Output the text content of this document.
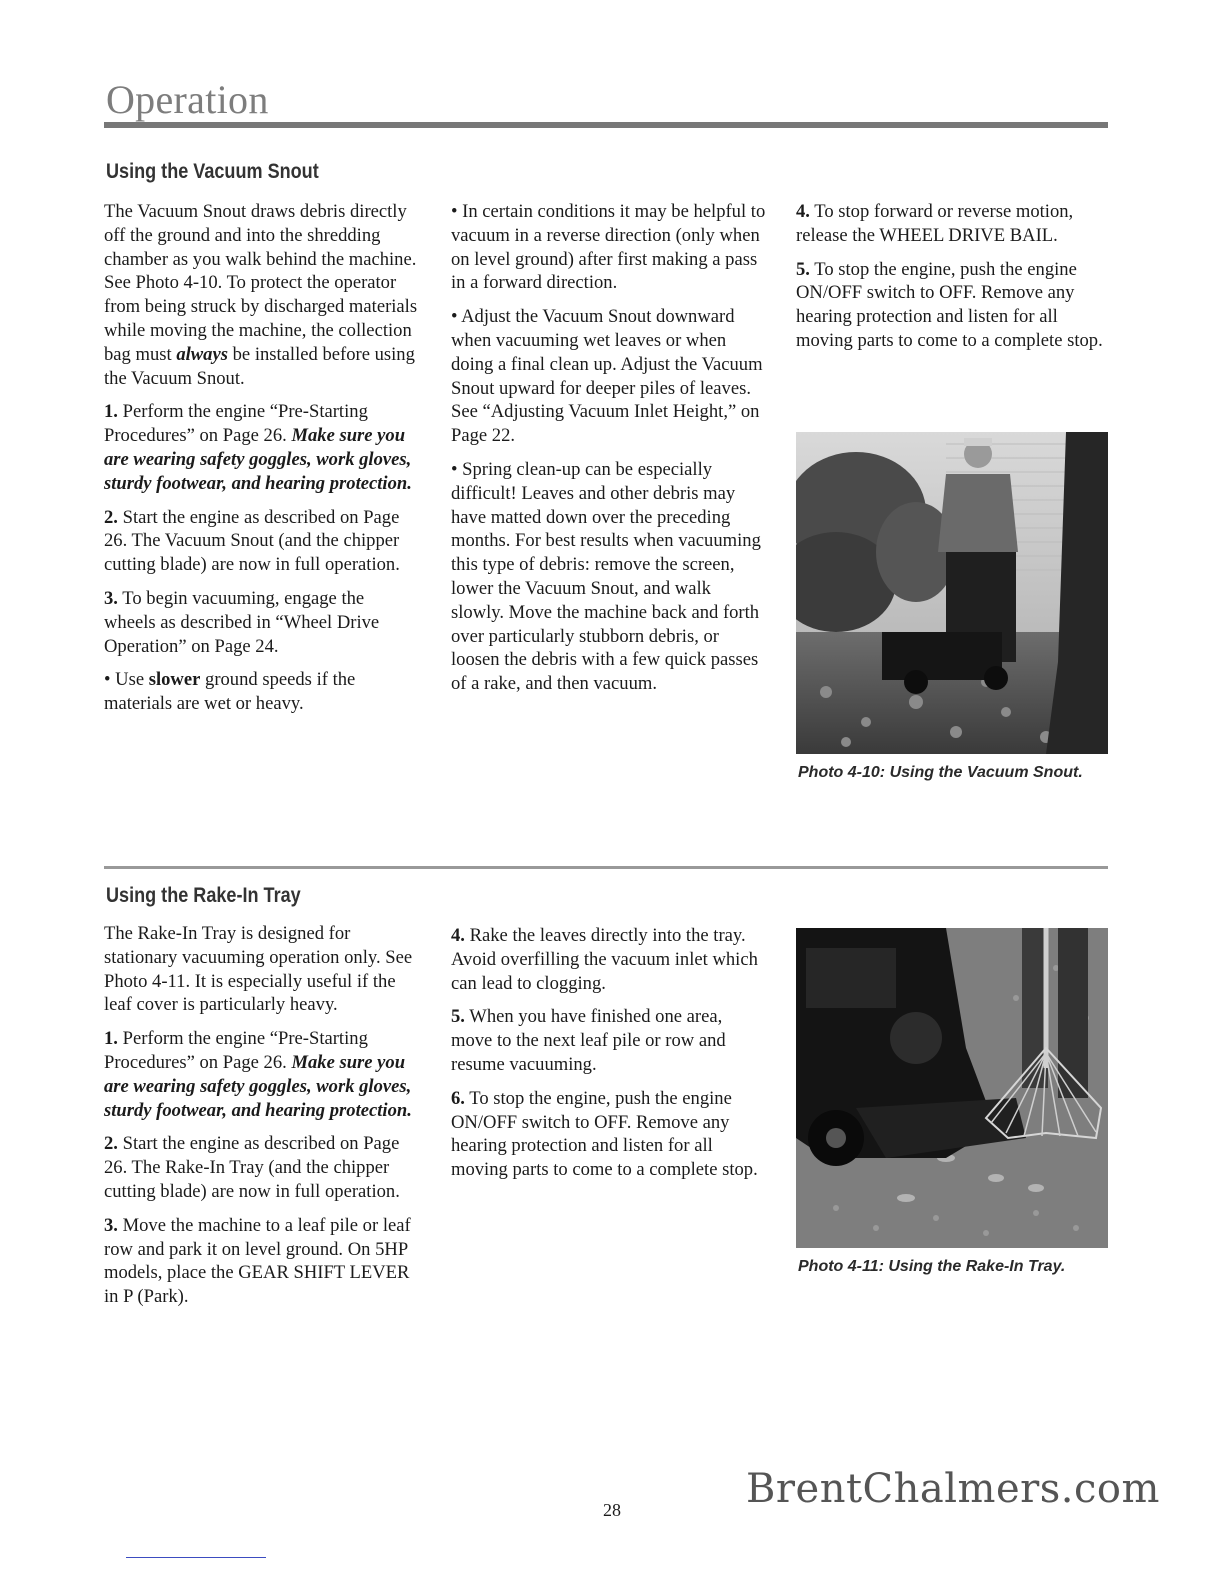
Operation
Using the Vacuum Snout

The Vacuum Snout draws debris directly off the ground and into the shredding chamber as you walk behind the machine. See Photo 4-10. To protect the operator from being struck by discharged materials while moving the machine, the collection bag must always be installed before using the Vacuum Snout.

1. Perform the engine “Pre-Starting Procedures” on Page 26. Make sure you are wearing safety goggles, work gloves, sturdy footwear, and hearing protection.

2. Start the engine as described on Page 26. The Vacuum Snout (and the chipper cutting blade) are now in full operation.

3. To begin vacuuming, engage the wheels as described in “Wheel Drive Operation” on Page 24.

• Use slower ground speeds if the materials are wet or heavy.

• In certain conditions it may be helpful to vacuum in a reverse direction (only when on level ground) after first making a pass in a forward direction.

• Adjust the Vacuum Snout downward when vacuuming wet leaves or when doing a final clean up. Adjust the Vacuum Snout upward for deeper piles of leaves. See “Adjusting Vacuum Inlet Height,” on Page 22.

• Spring clean-up can be especially difficult! Leaves and other debris may have matted down over the preceding months. For best results when vacuuming this type of debris: remove the screen, lower the Vacuum Snout, and walk slowly. Move the machine back and forth over particularly stubborn debris, or loosen the debris with a few quick passes of a rake, and then vacuum.

4. To stop forward or reverse motion, release the WHEEL DRIVE BAIL.

5. To stop the engine, push the engine ON/OFF switch to OFF. Remove any hearing protection and listen for all moving parts to come to a complete stop.

Photo 4-10: Using the Vacuum Snout.

Using the Rake-In Tray

The Rake-In Tray is designed for stationary vacuuming operation only. See Photo 4-11. It is especially useful if the leaf cover is particularly heavy.

1. Perform the engine “Pre-Starting Procedures” on Page 26. Make sure you are wearing safety goggles, work gloves, sturdy footwear, and hearing protection.

2. Start the engine as described on Page 26. The Rake-In Tray (and the chipper cutting blade) are now in full operation.

3. Move the machine to a leaf pile or leaf row and park it on level ground. On 5HP models, place the GEAR SHIFT LEVER in P (Park).

4. Rake the leaves directly into the tray. Avoid overfilling the vacuum inlet which can lead to clogging.

5. When you have finished one area, move to the next leaf pile or row and resume vacuuming.

6. To stop the engine, push the engine ON/OFF switch to OFF. Remove any hearing protection and listen for all moving parts to come to a complete stop.

Photo 4-11: Using the Rake-In Tray.

28	BrentChalmers.com
